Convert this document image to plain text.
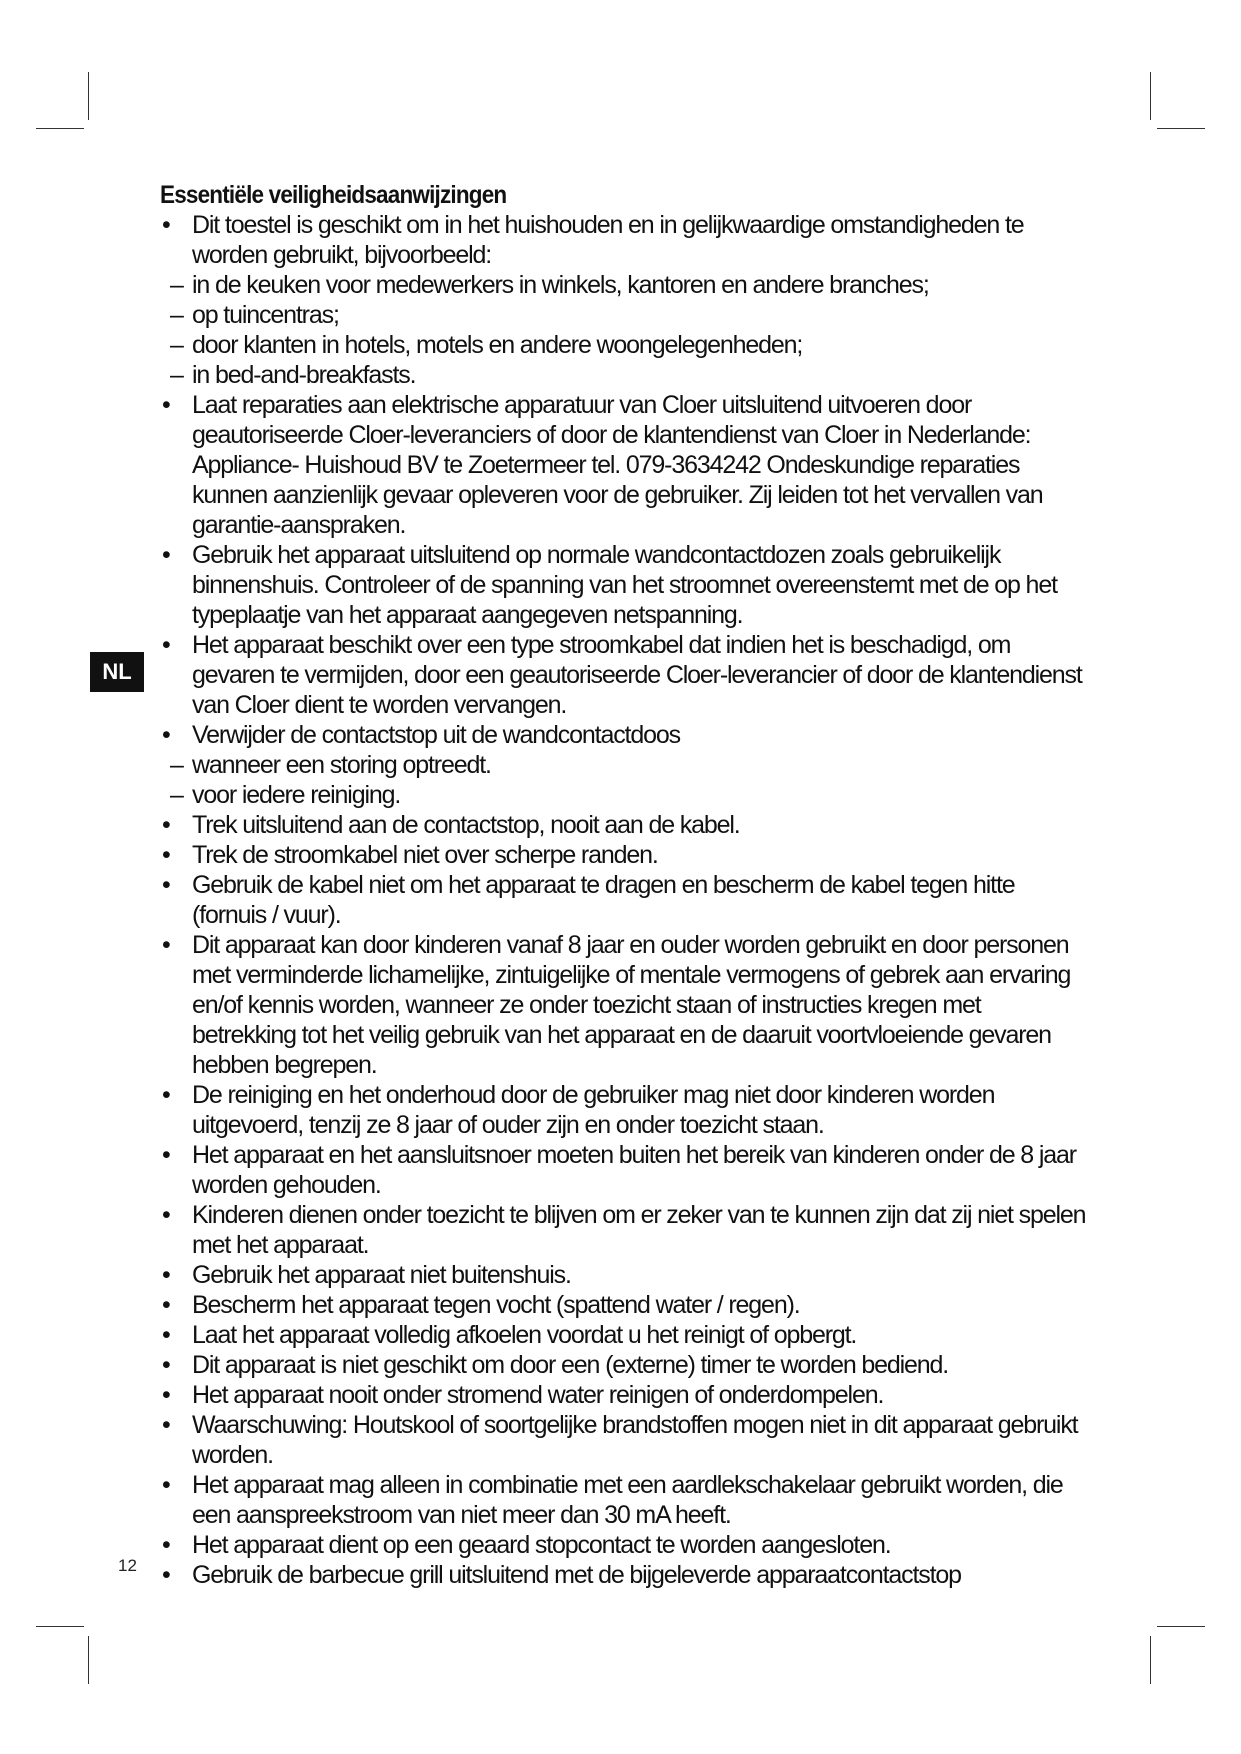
NL
Essentiële veiligheidsaanwijzingen
• Dit toestel is geschikt om in het huishouden en in gelijkwaardige omstandigheden te worden gebruikt, bijvoorbeeld:
– in de keuken voor medewerkers in winkels, kantoren en andere branches;
– op tuincentras;
– door klanten in hotels, motels en andere woongelegenheden;
– in bed-and-breakfasts.
• Laat reparaties aan elektrische apparatuur van Cloer uitsluitend uitvoeren door geautoriseerde Cloer-leveranciers of door de klantendienst van Cloer in Nederlande: Appliance- Huishoud BV te Zoetermeer tel. 079-3634242 Ondeskundige reparaties kunnen aanzienlijk gevaar opleveren voor de gebruiker. Zij leiden tot het vervallen van garantie-aanspraken.
• Gebruik het apparaat uitsluitend op normale wandcontactdozen zoals gebruikelijk binnenshuis. Controleer of de spanning van het stroomnet overeenstemt met de op het typeplaatje van het apparaat aangegeven netspanning.
• Het apparaat beschikt over een type stroomkabel dat indien het is beschadigd, om gevaren te vermijden, door een geautoriseerde Cloer-leverancier of door de klantendienst van Cloer dient te worden vervangen.
• Verwijder de contactstop uit de wandcontactdoos
– wanneer een storing optreedt.
– voor iedere reiniging.
• Trek uitsluitend aan de contactstop, nooit aan de kabel.
• Trek de stroomkabel niet over scherpe randen.
• Gebruik de kabel niet om het apparaat te dragen en bescherm de kabel tegen hitte (fornuis / vuur).
• Dit apparaat kan door kinderen vanaf 8 jaar en ouder worden gebruikt en door personen met verminderde lichamelijke, zintuigelijke of mentale vermogens of gebrek aan ervaring en/of kennis worden, wanneer ze onder toezicht staan of instructies kregen met betrekking tot het veilig gebruik van het apparaat en de daaruit voortvloeiende gevaren hebben begrepen.
• De reiniging en het onderhoud door de gebruiker mag niet door kinderen worden uitgevoerd, tenzij ze 8 jaar of ouder zijn en onder toezicht staan.
• Het apparaat en het aansluitsnoer moeten buiten het bereik van kinderen onder de 8 jaar worden gehouden.
• Kinderen dienen onder toezicht te blijven om er zeker van te kunnen zijn dat zij niet spelen met het apparaat.
• Gebruik het apparaat niet buitenshuis.
• Bescherm het apparaat tegen vocht (spattend water / regen).
• Laat het apparaat volledig afkoelen voordat u het reinigt of opbergt.
• Dit apparaat is niet geschikt om door een (externe) timer te worden bediend.
• Het apparaat nooit onder stromend water reinigen of onderdompelen.
• Waarschuwing: Houtskool of soortgelijke brandstoffen mogen niet in dit apparaat gebruikt worden.
• Het apparaat mag alleen in combinatie met een aardlekschakelaar gebruikt worden, die een aanspreekstroom van niet meer dan 30 mA heeft.
• Het apparaat dient op een geaard stopcontact te worden aangesloten.
• Gebruik de barbecue grill uitsluitend met de bijgeleverde apparaatcontactstop
12
